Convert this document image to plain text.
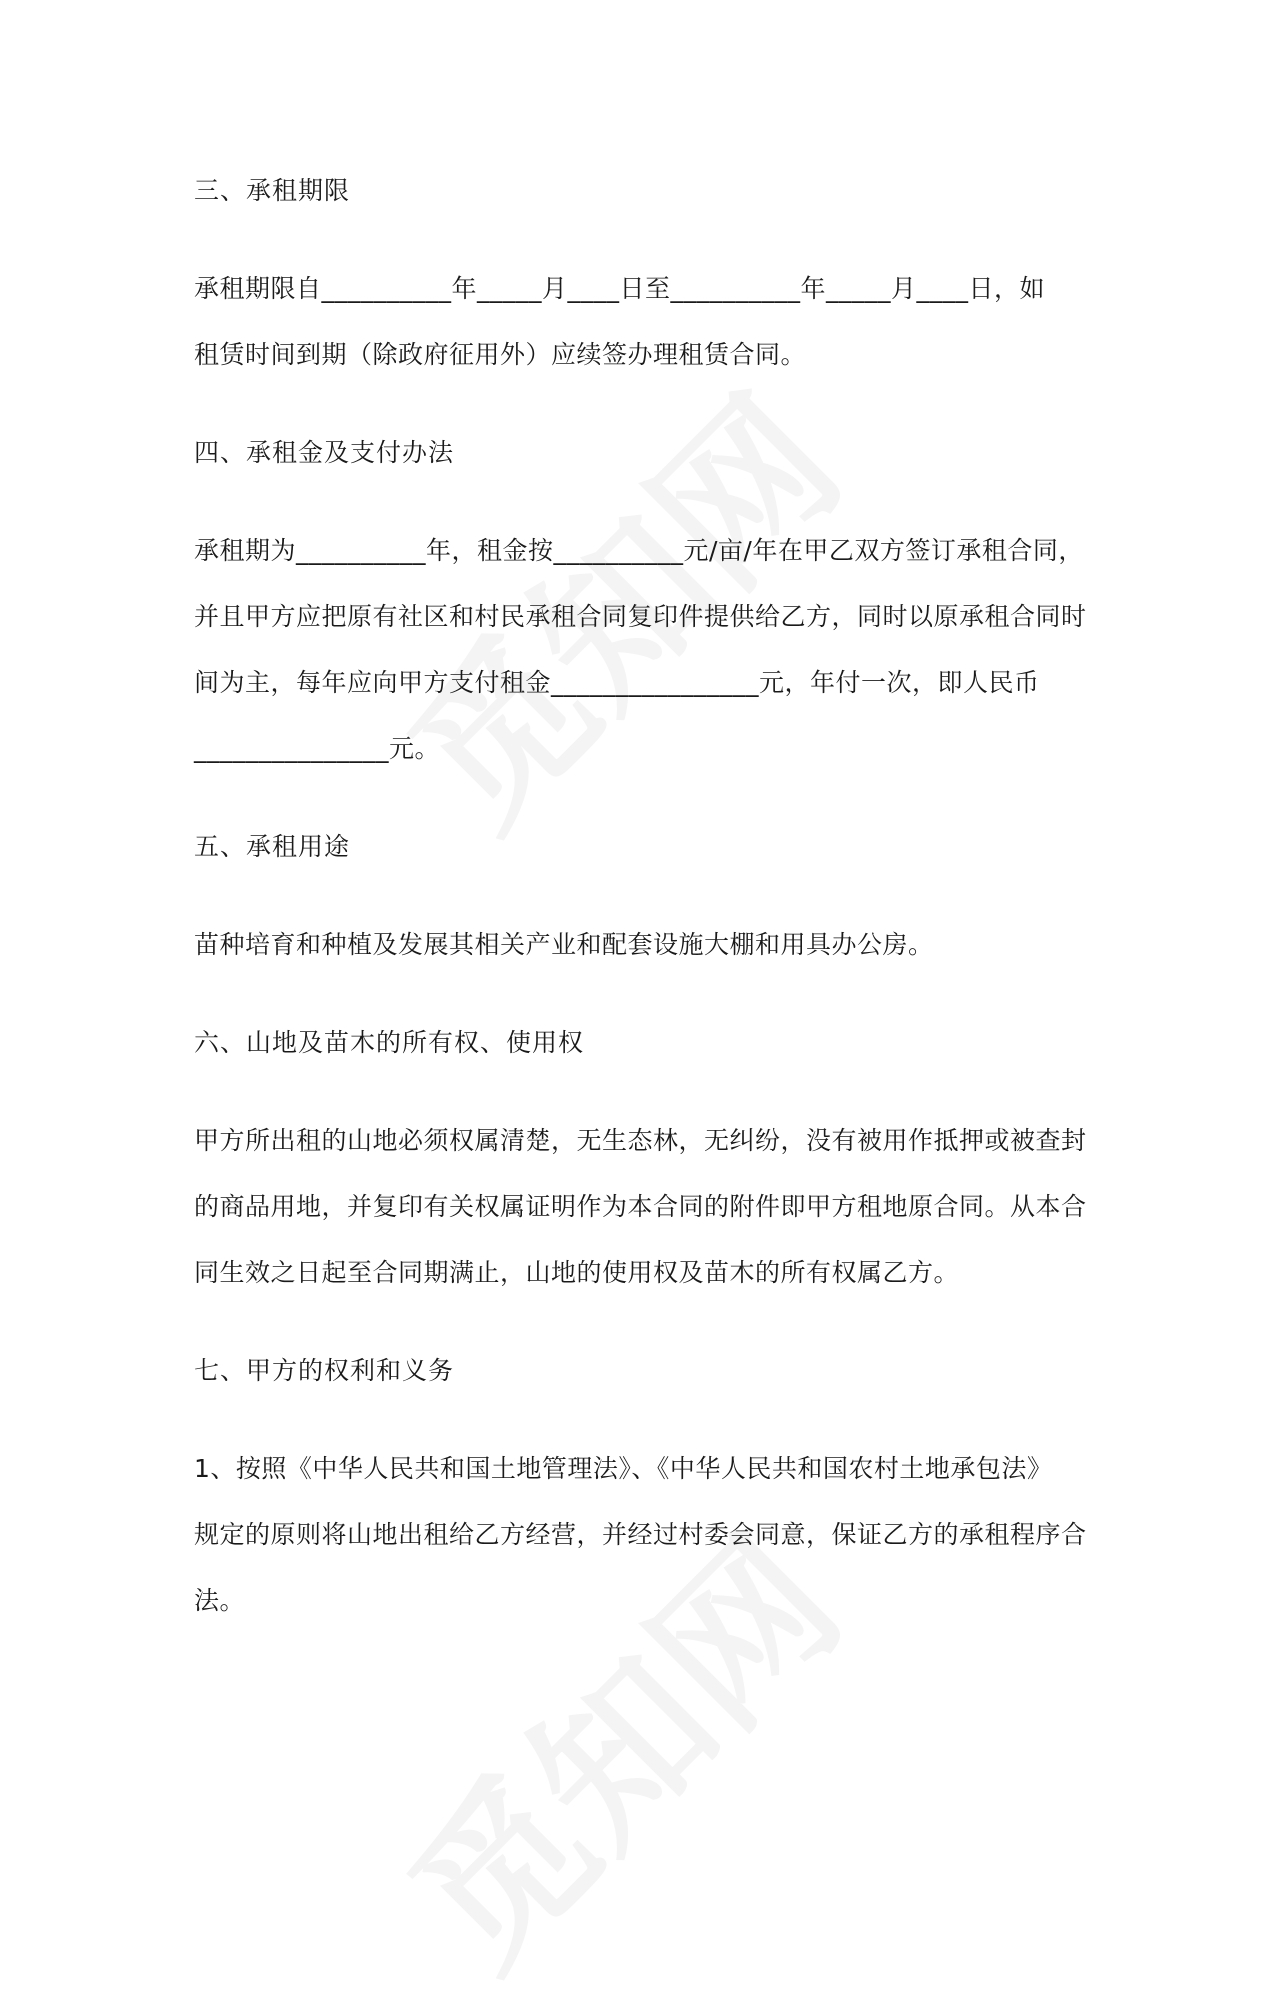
三、承租期限
承租期限自__________年_____月____日至__________年_____月____日，如
租赁时间到期（除政府征用外）应续签办理租赁合同。
四、承租金及支付办法
承租期为__________年，租金按__________元/亩/年在甲乙双方签订承租合同，
并且甲方应把原有社区和村民承租合同复印件提供给乙方，同时以原承租合同时
间为主，每年应向甲方支付租金________________元，年付一次，即人民币
_______________元。
五、承租用途
苗种培育和种植及发展其相关产业和配套设施大棚和用具办公房。
六、山地及苗木的所有权、使用权
甲方所出租的山地必须权属清楚，无生态林，无纠纷，没有被用作抵押或被查封
的商品用地，并复印有关权属证明作为本合同的附件即甲方租地原合同。从本合
同生效之日起至合同期满止，山地的使用权及苗木的所有权属乙方。
七、甲方的权利和义务
1、按照《中华人民共和国土地管理法》、《中华人民共和国农村土地承包法》
规定的原则将山地出租给乙方经营，并经过村委会同意，保证乙方的承租程序合
法。
